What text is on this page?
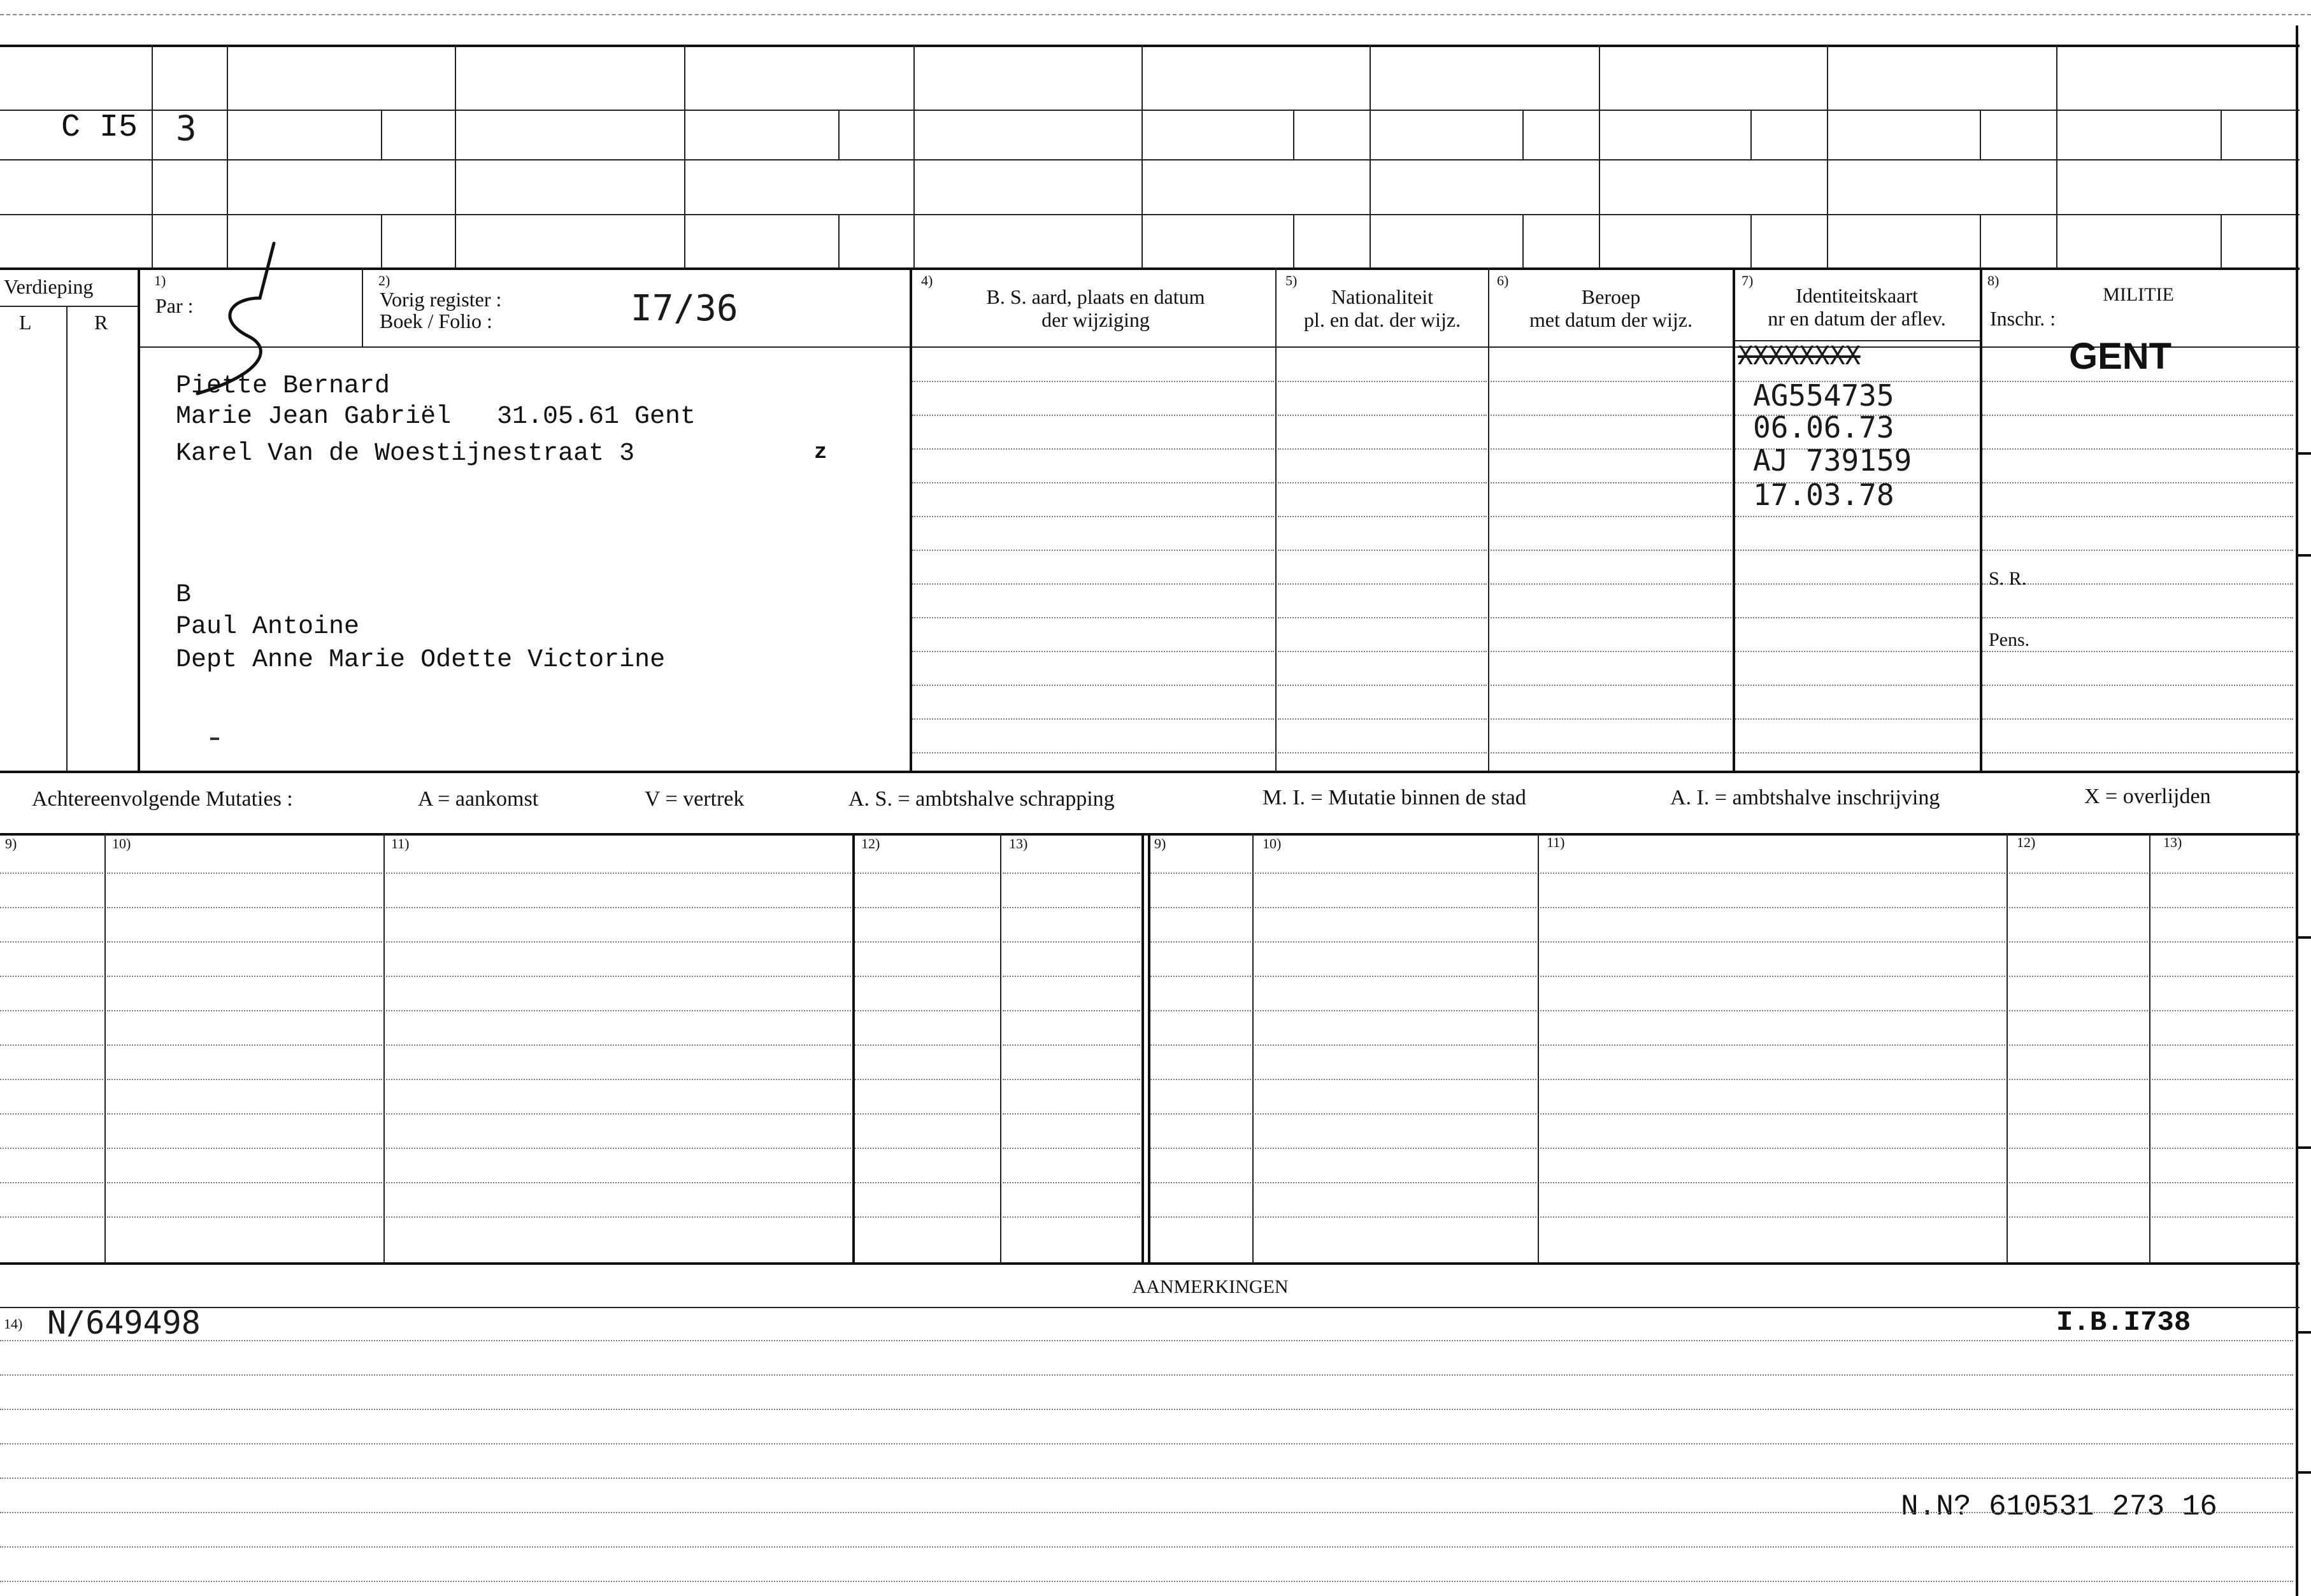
C I5 3
Verdieping
L	R
1)
Par :
2)
Vorig register :
Boek / Folio :	I7/36
4)
B. S. aard, plaats en datum
der wijziging
5)
Nationaliteit
pl. en dat. der wijz.
6)
Beroep
met datum der wijz.
7)
Identiteitskaart
nr en datum der aflev.
8)
MILITIE
Inschr. :
GENT
Piette Bernard
Marie Jean Gabriël 31.05.61 Gent
Karel Van de Woestijnestraat 3	z
B
Paul Antoine
Dept Anne Marie Odette Victorine
XXXXXXXX
AG554735
06.06.73
AJ 739159
17.03.78
S. R.
Pens.
Achtereenvolgende Mutaties :	A = aankomst	V = vertrek	A. S. = ambtshalve schrapping	M. I. = Mutatie binnen de stad	A. I. = ambtshalve inschrijving	X = overlijden
9)	10)	11)	12)	13)	9)	10)	11)	12)	13)
AANMERKINGEN
14) N/649498	I.B.I738
N.N? 610531 273 16
